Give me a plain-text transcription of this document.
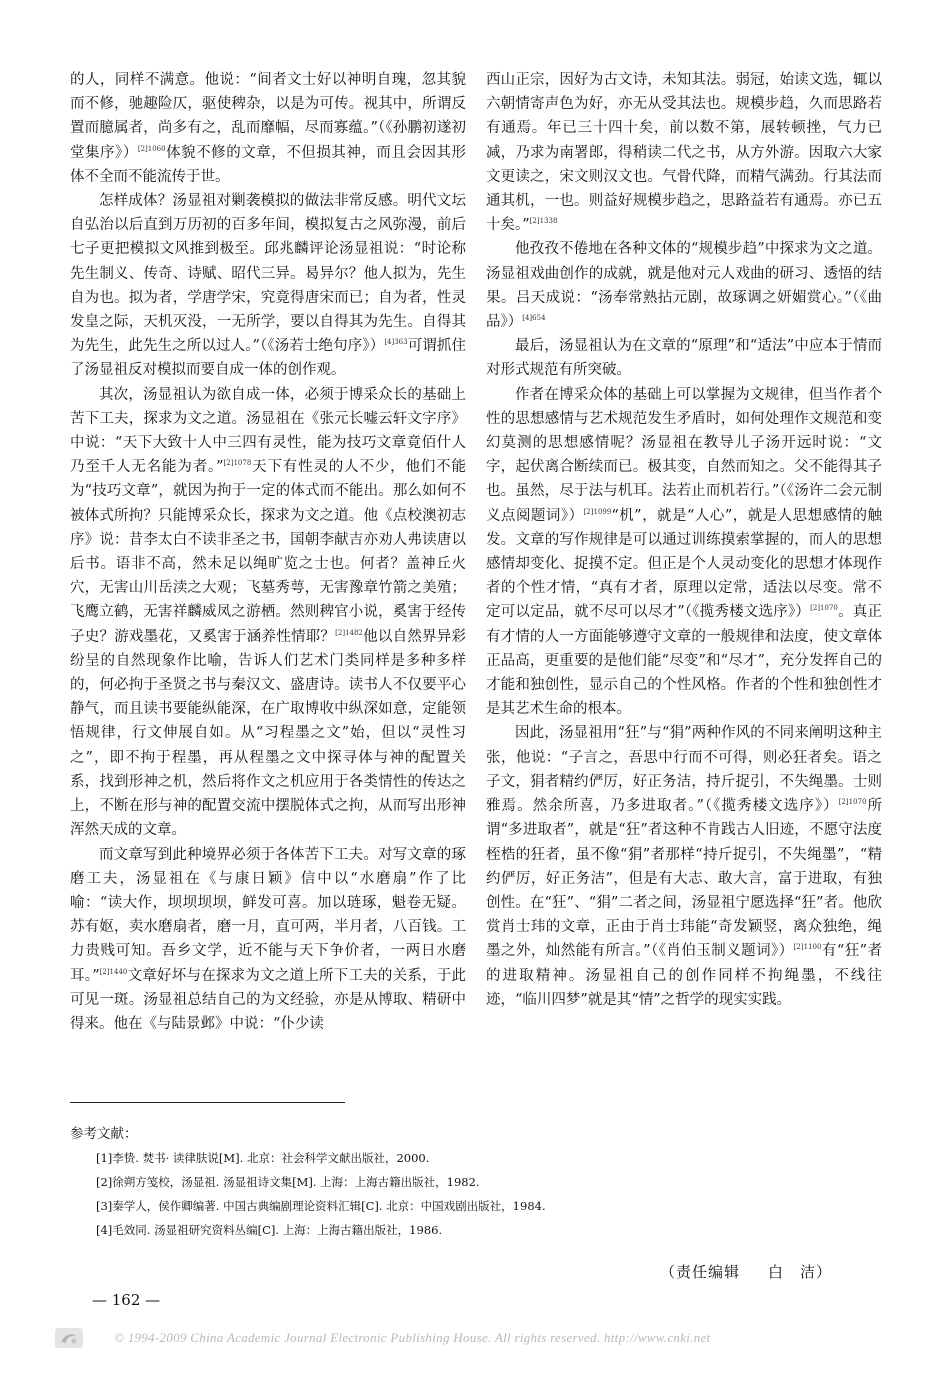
的人，同样不满意。他说：“间者文士好以神明自瑰，忽其貌而不修，驰趣险仄，驱使稗杂，以是为可传。视其中，所谓反置而臆属者，尚多有之，乱而靡幅，尽而寡蕴。”（《孙鹏初遂初堂集序》）$^{[2]1060}$体貌不修的文章，不但损其神，而且会因其形体不全而不能流传于世。

怎样成体？汤显祖对剿袭模拟的做法非常反感。明代文坛自弘治以后直到万历初的百多年间，模拟复古之风弥漫，前后七子更把模拟文风推到极至。邱兆麟评论汤显祖说：“时论称先生制义、传奇、诗赋、昭代三异。曷异尔？他人拟为，先生自为也。拟为者，学唐学宋，究竟得唐宋而已；自为者，性灵发皇之际，天机灭没，一无所学，要以自得其为先生。自得其为先生，此先生之所以过人。”（《汤若士绝句序》）$^{[4]363}$可谓抓住了汤显祖反对模拟而要自成一体的创作观。

其次，汤显祖认为欲自成一体，必须于博采众长的基础上苦下工夫，探求为文之道。汤显祖在《张元长嘘云轩文字序》中说：“天下大致十人中三四有灵性，能为技巧文章竟佰什人乃至千人无名能为者。”$^{[2]1078}$天下有性灵的人不少，他们不能为“技巧文章”，就因为拘于一定的体式而不能出。那么如何不被体式所拘？只能博采众长，探求为文之道。他《点校澳初志序》说：昔李太白不读非圣之书，国朝李献吉亦劝人弗读唐以后书。语非不高，然未足以绳旷览之士也。何者？盖神丘火穴，无害山川岳渎之大观；飞墓秀萼，无害豫章竹箭之美殖；飞鹰立鹤，无害祥麟威凤之游栖。然则稗官小说，奚害于经传子史？游戏墨花，又奚害于涵养性情耶？$^{[2]1482}$他以自然界异彩纷呈的自然现象作比喻，告诉人们艺术门类同样是多种多样的，何必拘于圣贤之书与秦汉文、盛唐诗。读书人不仅要平心静气，而且读书要能纵能深，在广取博收中纵深如意，定能领悟规律，行文伸展自如。从“习程墨之文”始，但以“灵性习之”，即不拘于程墨，再从程墨之文中探寻体与神的配置关系，找到形神之机，然后将作文之机应用于各类情性的传达之上，不断在形与神的配置交流中摆脱体式之拘，从而写出形神浑然天成的文章。

而文章写到此种境界必须于各体苦下工夫。对写文章的琢磨工夫，汤显祖在《与康日颖》信中以“水磨扇”作了比喻：“读大作，坝坝坝坝，鲜发可喜。加以琏琢，魁卷无疑。苏有妪，卖水磨扇者，磨一月，直可两，半月者，八百钱。工力贵贱可知。吾乡文学，近不能与天下争价者，一两日水磨耳。”$^{[2]1440}$文章好坏与在探求为文之道上所下工夫的关系，于此可见一斑。汤显祖总结自己的为文经验，亦是从博取、精研中得来。他在《与陆景邺》中说：“仆少读

西山正宗，因好为古文诗，未知其法。弱冠，始读文选，辄以六朝情寄声色为好，亦无从受其法也。规模步趋，久而思路若有通焉。年已三十四十矣，前以数不第，展转顿挫，气力已减，乃求为南署郎，得稍读二代之书，从方外游。因取六大家文更读之，宋文则汉文也。气骨代降，而精气满劲。行其法而通其机，一也。则益好规模步趋之，思路益若有通焉。亦已五十矣。”$^{[2]1338}$

他孜孜不倦地在各种文体的“规模步趋”中探求为文之道。汤显祖戏曲创作的成就，就是他对元人戏曲的研习、透悟的结果。吕天成说：“汤奉常熟拈元剧，故琢调之妍媚赏心。”（《曲品》）$^{[4]654}$

最后，汤显祖认为在文章的“原理”和“适法”中应本于情而对形式规范有所突破。

作者在博采众体的基础上可以掌握为文规律，但当作者个性的思想感情与艺术规范发生矛盾时，如何处理作文规范和变幻莫测的思想感情呢？汤显祖在教导儿子汤开远时说：“文字，起伏离合断续而已。极其变，自然而知之。父不能得其子也。虽然，尽于法与机耳。法若止而机若行。”（《汤许二会元制义点阅题词》）$^{[2]1099}$“机”，就是“人心”，就是人思想感情的触发。文章的写作规律是可以通过训练摸索掌握的，而人的思想感情却变化、捉摸不定。但正是个人灵动变化的思想才体现作者的个性才情，“真有才者，原理以定常，适法以尽变。常不定可以定品，就不尽可以尽才”（《揽秀楼文选序》）$^{[2]1070}$。真正有才情的人一方面能够遵守文章的一般规律和法度，使文章体正品高，更重要的是他们能“尽变”和“尽才”，充分发挥自己的才能和独创性，显示自己的个性风格。作者的个性和独创性才是其艺术生命的根本。

因此，汤显祖用“狂”与“狷”两种作风的不同来阐明这种主张，他说：“子言之，吾思中行而不可得，则必狂者矣。语之子文，狷者精约俨厉，好正务洁，持斤捉引，不失绳墨。士则雅焉。然余所喜，乃多进取者。”（《揽秀楼文选序》）$^{[2]1070}$所谓“多进取者”，就是“狂”者这种不肯践古人旧迹，不愿守法度桎梏的狂者，虽不像“狷”者那样“持斤捉引，不失绳墨”，“精约俨厉，好正务洁”，但是有大志、敢大言，富于进取，有独创性。在“狂”、“狷”二者之间，汤显祖宁愿选择“狂”者。他欣赏肖士玮的文章，正由于肖士玮能“奇发颖竖，离众独绝，绳墨之外，灿然能有所言。”（《肖伯玉制义题词》）$^{[2]1100}$有“狂”者的进取精神。汤显祖自己的创作同样不拘绳墨，不线往迹，“临川四梦”就是其“情”之哲学的现实实践。

参考文献：
[1]李贽. 焚书· 读律肤说[M]. 北京：社会科学文献出版社，2000.
[2]徐朔方笺校，汤显祖. 汤显祖诗文集[M]. 上海：上海古籍出版社，1982.
[3]秦学人，侯作卿编著. 中国古典编剧理论资料汇辑[C]. 北京：中国戏剧出版社，1984.
[4]毛效同. 汤显祖研究资料丛编[C]. 上海：上海古籍出版社，1986.
（责任编辑 白　洁）
— 162 —
© 1994-2009 China Academic Journal Electronic Publishing House. All rights reserved. http://www.cnki.net
